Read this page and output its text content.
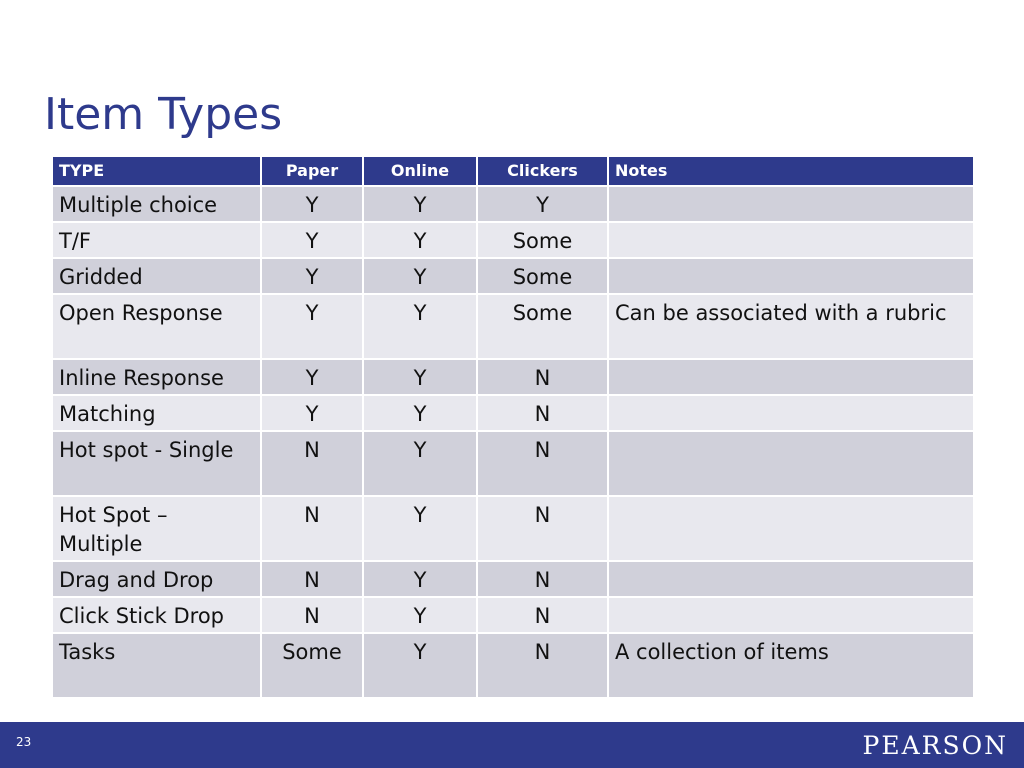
Item Types
TYPE	Paper	Online	Clickers	Notes
Multiple choice	Y	Y	Y	
T/F	Y	Y	Some	
Gridded	Y	Y	Some	
Open Response	Y	Y	Some	Can be associated with a rubric
Inline Response	Y	Y	N	
Matching	Y	Y	N	
Hot spot - Single	N	Y	N	
Hot Spot – Multiple	N	Y	N	
Drag and Drop	N	Y	N	
Click Stick Drop	N	Y	N	
Tasks	Some	Y	N	A collection of items
23	PEARSON
